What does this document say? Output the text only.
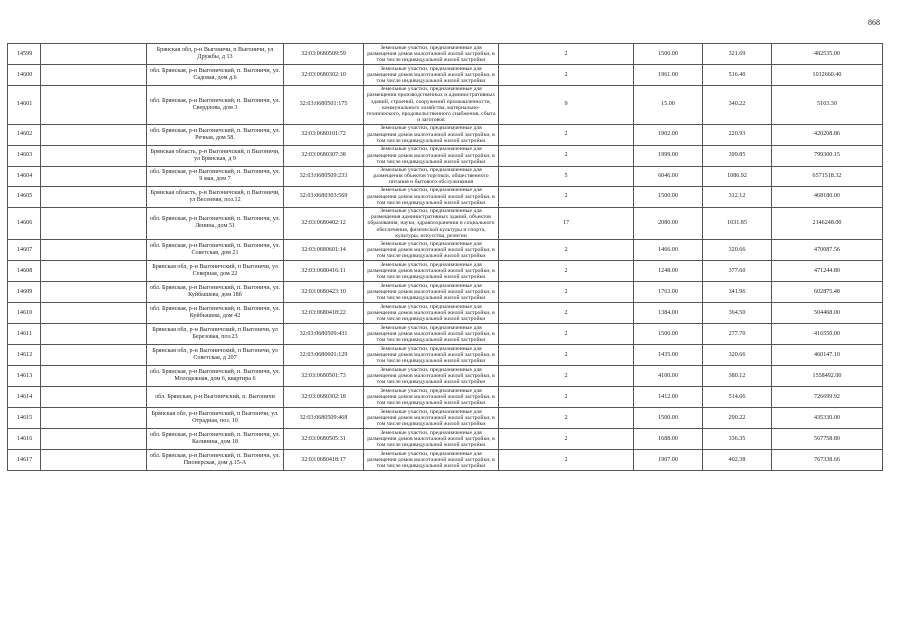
868
14599		Брянская обл, р-н Выгоничи, п Выгоничи, ул Дружбы, д 13	32:03:0680509:59	Земельные участки, предназначенные для размещения домов малоэтажной жилой застройки, в том числе индивидуальной жилой застройки	2	1500.00	321.69	482535.00
14600		обл. Брянская, р-н Выгоничский, п. Выгоничи, ул. Садовая, дом д.6	32:03:0680302:10	Земельные участки, предназначенные для размещения домов малоэтажной жилой застройки, в том числе индивидуальной жилой застройки	2	1961.00	516.40	1012660.40
14601		обл. Брянская, р-н Выгоничский, п. Выгоничи, ул. Свердлова, дом 3	32:03:0680501:175	Земельные участки, предназначенные для размещения производственных и административных зданий, строений, сооружений промышленности, коммунального хозяйства, материально-технического, продовольственного снабжения, сбыта и заготовок	9	15.00	340.22	5103.30
14602		обл. Брянская, р-н Выгоничский, п. Выгоничи, ул. Речная, дом 58.	32:03:0680101:72	Земельные участки, предназначенные для размещения домов малоэтажной жилой застройки, в том числе индивидуальной жилой застройки	2	1902.00	220.93	420208.86
14603		Брянская область, р-н Выгоничский, п Выгоничи, ул Брянская, д 9	32:03:0680307:38	Земельные участки, предназначенные для размещения домов малоэтажной жилой застройки, в том числе индивидуальной жилой застройки	2	1999.00	399.85	799300.15
14604		обл. Брянская, р-н Выгоничский, п. Выгоничи, ул. 9 мая, дом 7	32:03:0680509:233	Земельные участки, предназначенные для размещения объектов торговли, общественного питания и бытового обслуживания	5	6046.00	1086.92	6571518.32
14605		Брянская область, р-н Выгоничский, п Выгоничи, ул Весенняя, поз.12	32:03:0680303:569	Земельные участки, предназначенные для размещения домов малоэтажной жилой застройки, в том числе индивидуальной жилой застройки	2	1500.00	312.12	468180.00
14606		обл. Брянская, р-н Выгоничский, п. Выгоничи, ул. Ленина, дом 51	32:03:0680402:12	Земельные участки, предназначенные для размещения административных зданий, объектов образования, науки, здравоохранения и социального обеспечения, физической культуры и спорта, культуры, искусства, религии	17	2080.00	1031.85	2146248.00
14607		обл. Брянская, р-н Выгоничский, п. Выгоничи, ул. Советская, дом 21	32:03:0680601:14	Земельные участки, предназначенные для размещения домов малоэтажной жилой застройки, в том числе индивидуальной жилой застройки	2	1466.00	320.66	470087.56
14608		Брянская обл, р-н Выгоничский, п Выгоничи, ул Северная, дом 22	32:03:0680416:11	Земельные участки, предназначенные для размещения домов малоэтажной жилой застройки, в том числе индивидуальной жилой застройки	2	1248.00	377.60	471244.80
14609		обл. Брянская, р-н Выгоничский, п. Выгоничи, ул. Куйбышева, дом 18б	32:03:0680423:10	Земельные участки, предназначенные для размещения домов малоэтажной жилой застройки, в том числе индивидуальной жилой застройки	2	1763.00	341.96	602875.48
14610		обл. Брянская, р-н Выгоничский, п. Выгоничи, ул. Куйбышева, дом 42	32:03:0680418:22	Земельные участки, предназначенные для размещения домов малоэтажной жилой застройки, в том числе индивидуальной жилой застройки	2	1384.00	364.50	504468.00
14611		Брянская обл, р-н Выгоничский, п Выгоничи, ул Березовая, поз.23	32:03:0680509:431	Земельные участки, предназначенные для размещения домов малоэтажной жилой застройки, в том числе индивидуальной жилой застройки	2	1500.00	277.70	416550.00
14612		Брянская обл, р-н Выгоничский, п Выгоничи, ул Советская, д 207	32:03:0680601:129	Земельные участки, предназначенные для размещения домов малоэтажной жилой застройки, в том числе индивидуальной жилой застройки	2	1435.00	320.66	460147.10
14613		обл. Брянская, р-н Выгоничский, п. Выгоничи, ул. Молодежная, дом 6, квартира 6	32:03:0680501:73	Земельные участки, предназначенные для размещения домов малоэтажной жилой застройки, в том числе индивидуальной жилой застройки	2	4100.00	380.12	1558492.00
14614		обл. Брянская, р-н Выгоничский, п. Выгоничи	32:03:0680302:18	Земельные участки, предназначенные для размещения домов малоэтажной жилой застройки, в том числе индивидуальной жилой застройки	2	1412.00	514.66	726699.92
14615		Брянская обл, р-н Выгоничский, п Выгоничи, ул. Отрадная, поз. 10	32:03:0680509:468	Земельные участки, предназначенные для размещения домов малоэтажной жилой застройки, в том числе индивидуальной жилой застройки	2	1500.00	290.22	435330.00
14616		обл. Брянская, р-н Выгоничский, п. Выгоничи, ул. Калинина, дом 18	32:03:0680505:31	Земельные участки, предназначенные для размещения домов малоэтажной жилой застройки, в том числе индивидуальной жилой застройки	2	1688.00	336.35	567758.80
14617		обл. Брянская, р-н Выгоничский, п. Выгоничи, ул. Пионерская, дом д.15-А	32:03:0680418:17	Земельные участки, предназначенные для размещения домов малоэтажной жилой застройки, в том числе индивидуальной жилой застройки	2	1907.00	402.38	767338.66
